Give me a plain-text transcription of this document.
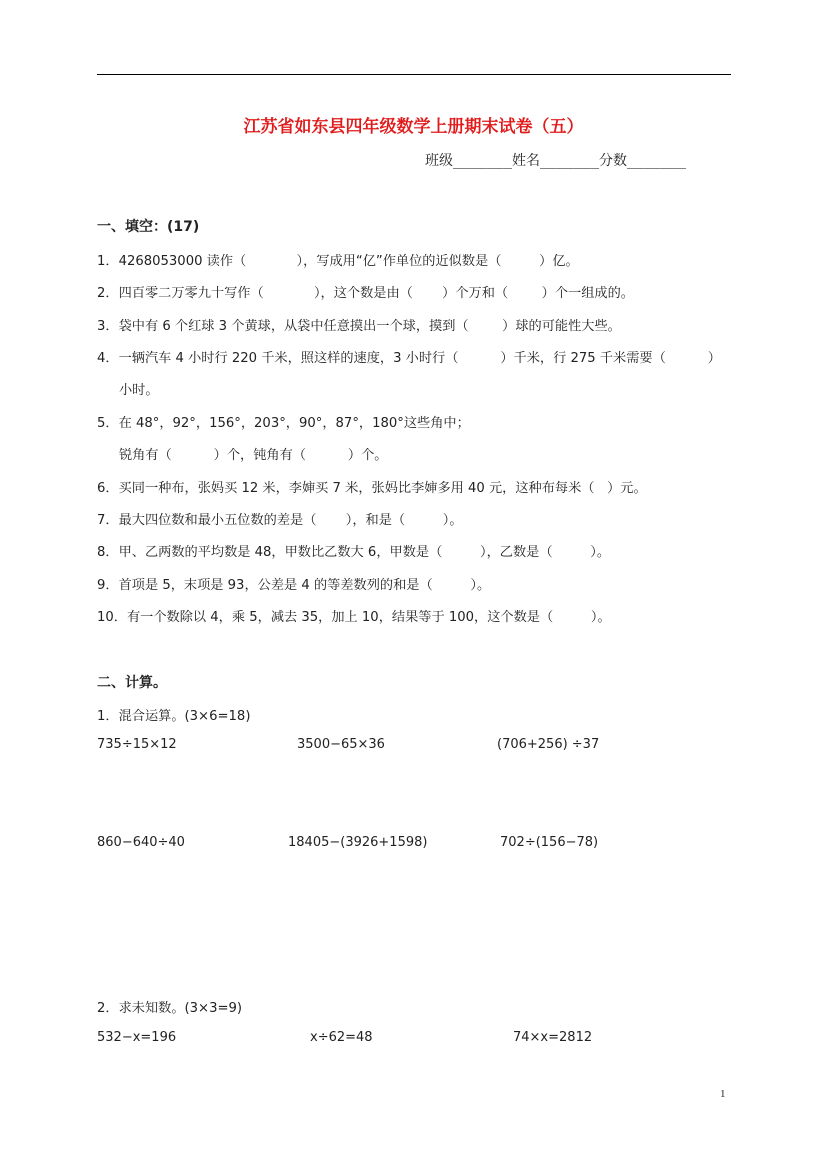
江苏省如东县四年级数学上册期末试卷（五）
班级_______姓名_______分数_______
一、填空：(17)
1．4268053000 读作（            ），写成用“亿”作单位的近似数是（         ）亿。
2．四百零二万零九十写作（            ），这个数是由（       ）个万和（        ）个一组成的。
3．袋中有 6 个红球 3 个黄球，从袋中任意摸出一个球，摸到（        ）球的可能性大些。
4．一辆汽车 4 小时行 220 千米，照这样的速度，3 小时行（          ）千米，行 275 千米需要（          ）
小时。
5．在 48°，92°，156°，203°，90°，87°，180°这些角中；
锐角有（          ）个，钝角有（          ）个。
6．买同一种布，张妈买 12 米，李婶买 7 米，张妈比李婶多用 40 元，这种布每米（   ）元。
7．最大四位数和最小五位数的差是（       ），和是（         ）。
8．甲、乙两数的平均数是 48，甲数比乙数大 6，甲数是（         ），乙数是（         ）。
9．首项是 5，末项是 93，公差是 4 的等差数列的和是（         ）。
10．有一个数除以 4，乘 5，减去 35，加上 10，结果等于 100，这个数是（         ）。
二、计算。
1．混合运算。(3×6=18)
735÷15×12	3500−65×36	(706+256) ÷37
860−640÷40	18405−(3926+1598)	702÷(156−78)
2．求未知数。(3×3=9)
532−x=196	x÷62=48	74×x=2812
1
